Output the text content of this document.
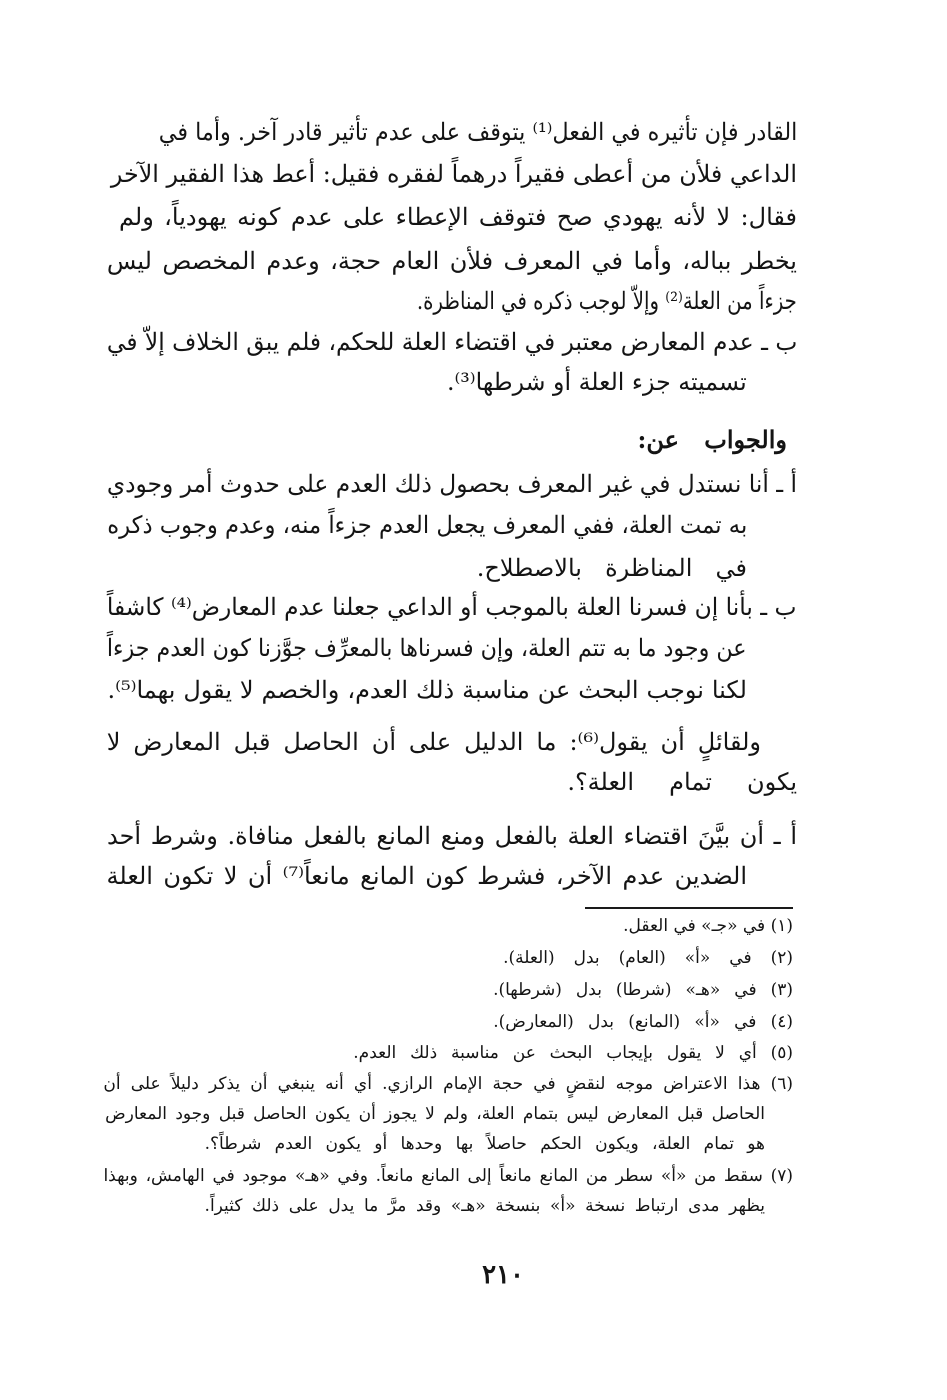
القادر فإن تأثيره في الفعل⁽¹⁾ يتوقف على عدم تأثير قادر آخر. وأما في

الداعي فلأن من أعطى فقيراً درهماً لفقره فقيل: أعط هذا الفقير الآخر

فقال: لا لأنه يهودي صح فتوقف الإعطاء على عدم كونه يهودياً، ولم

يخطر بباله، وأما في المعرف فلأن العام حجة، وعدم المخصص ليس

جزءاً من العلة⁽²⁾ وإلاّ لوجب ذكره في المناظرة.

ب ـ عدم المعارض معتبر في اقتضاء العلة للحكم، فلم يبق الخلاف إلاّ في

تسميته جزء العلة أو شرطها⁽³⁾.

والجواب عن:

أ ـ أنا نستدل في غير المعرف بحصول ذلك العدم على حدوث أمر وجودي

به تمت العلة، ففي المعرف يجعل العدم جزءاً منه، وعدم وجوب ذكره

في المناظرة بالاصطلاح.

ب ـ بأنا إن فسرنا العلة بالموجب أو الداعي جعلنا عدم المعارض⁽⁴⁾ كاشفاً

عن وجود ما به تتم العلة، وإن فسرناها بالمعرِّف جوَّزنا كون العدم جزءاً

لكنا نوجب البحث عن مناسبة ذلك العدم، والخصم لا يقول بهما⁽⁵⁾.

ولقائلٍ أن يقول⁽⁶⁾: ما الدليل على أن الحاصل قبل المعارض لا

يكون تمام العلة؟.

أ ـ أن بيَّنَ اقتضاء العلة بالفعل ومنع المانع بالفعل منافاة. وشرط أحد

الضدين عدم الآخر، فشرط كون المانع مانعاً⁽⁷⁾ أن لا تكون العلة

(١) في «جـ» في العقل.

(٢) في «أ» (العام) بدل (العلة).

(٣) في «هـ» (شرطا) بدل (شرطها).

(٤) في «أ» (المانع) بدل (المعارض).

(٥) أي لا يقول بإيجاب البحث عن مناسبة ذلك العدم.

(٦) هذا الاعتراض موجه لنقضٍ في حجة الإمام الرازي. أي أنه ينبغي أن يذكر دليلاً على أن

الحاصل قبل المعارض ليس بتمام العلة، ولم لا يجوز أن يكون الحاصل قبل وجود المعارض

هو تمام العلة، ويكون الحكم حاصلاً بها وحدها أو يكون العدم شرطاً؟.

(٧) سقط من «أ» سطر من المانع مانعاً إلى المانع مانعاً. وفي «هـ» موجود في الهامش، وبهذا

يظهر مدى ارتباط نسخة «أ» بنسخة «هـ» وقد مرَّ ما يدل على ذلك كثيراً.

٢١٠
